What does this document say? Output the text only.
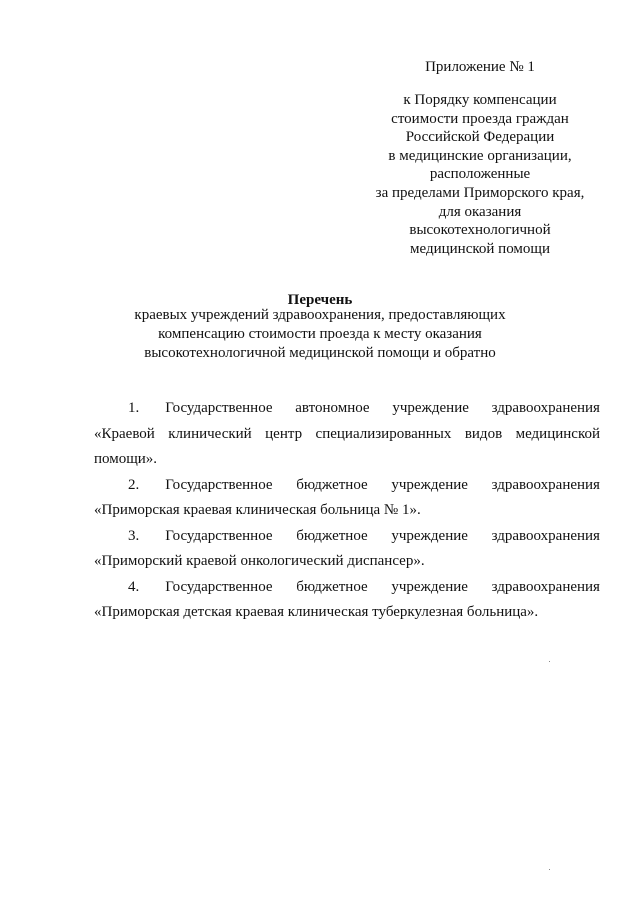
Приложение № 1
к Порядку компенсации
стоимости проезда граждан
Российской Федерации
в медицинские организации,
расположенные
за пределами Приморского края,
для оказания
высокотехнологичной
медицинской помощи
Перечень
краевых учреждений здравоохранения, предоставляющих
компенсацию стоимости проезда к месту оказания
высокотехнологичной медицинской помощи и обратно
1. Государственное автономное учреждение здравоохранения
«Краевой клинический центр специализированных видов медицинской
помощи».
2. Государственное бюджетное учреждение здравоохранения
«Приморская краевая клиническая больница № 1».
3. Государственное бюджетное учреждение здравоохранения
«Приморский краевой онкологический диспансер».
4. Государственное бюджетное учреждение здравоохранения
«Приморская детская краевая клиническая туберкулезная больница».
